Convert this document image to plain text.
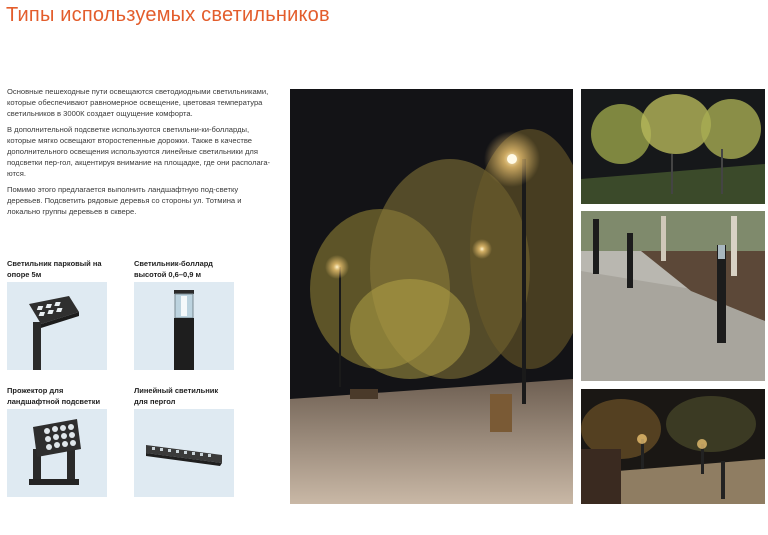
Типы используемых светильников

Основные пешеходные пути освещаются светодиодными светильниками, которые обеспечивают равномерное освещение, цветовая температура светильников в 3000К создает ощущение комфорта.

В дополнительной подсветке используются светильни-ки-болларды, которые мягко освещают второстепенные дорожки. Также в качестве дополнительного освещения используются линейные светильники для подсветки пер-гол, акцентируя внимание на площадке, где они располага-ются.

Помимо этого предлагается выполнить ландшафтную под-светку деревьев. Подсветить рядовые деревья со стороны ул. Тотмина и локально группы деревьев в сквере.

Светильник парковый на опоре 5м
Светильник-боллард высотой 0,6–0,9 м
Прожектор для ландшафтной подсветки
Линейный светильник для пергол
